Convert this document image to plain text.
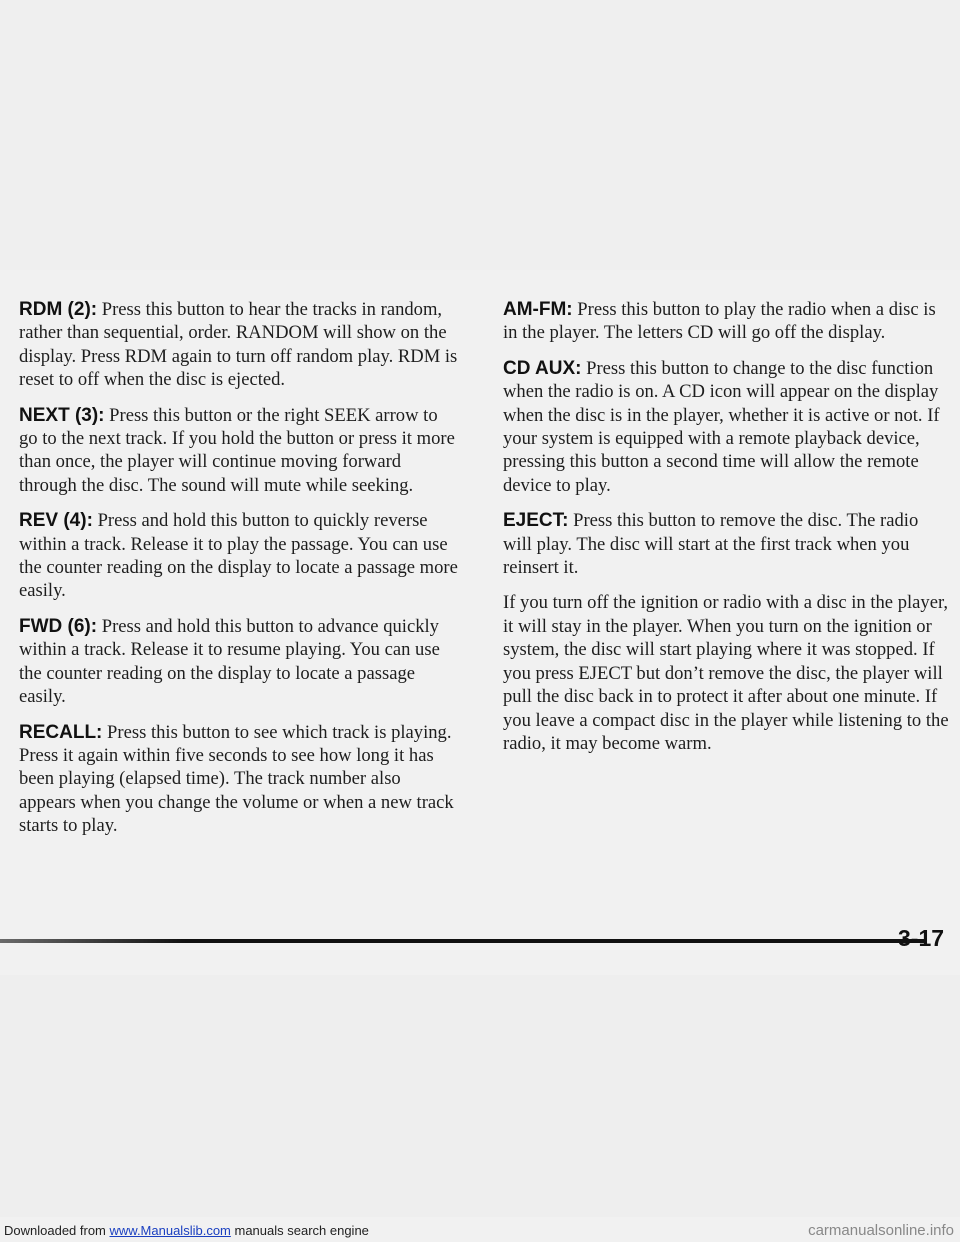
RDM (2): Press this button to hear the tracks in random, rather than sequential, order. RANDOM will show on the display. Press RDM again to turn off random play. RDM is reset to off when the disc is ejected.

NEXT (3): Press this button or the right SEEK arrow to go to the next track. If you hold the button or press it more than once, the player will continue moving forward through the disc. The sound will mute while seeking.

REV (4): Press and hold this button to quickly reverse within a track. Release it to play the passage. You can use the counter reading on the display to locate a passage more easily.

FWD (6): Press and hold this button to advance quickly within a track. Release it to resume playing. You can use the counter reading on the display to locate a passage easily.

RECALL: Press this button to see which track is playing. Press it again within five seconds to see how long it has been playing (elapsed time). The track number also appears when you change the volume or when a new track starts to play.

AM-FM: Press this button to play the radio when a disc is in the player. The letters CD will go off the display.

CD AUX: Press this button to change to the disc function when the radio is on. A CD icon will appear on the display when the disc is in the player, whether it is active or not. If your system is equipped with a remote playback device, pressing this button a second time will allow the remote device to play.

EJECT: Press this button to remove the disc. The radio will play. The disc will start at the first track when you reinsert it.

If you turn off the ignition or radio with a disc in the player, it will stay in the player. When you turn on the ignition or system, the disc will start playing where it was stopped. If you press EJECT but don’t remove the disc, the player will pull the disc back in to protect it after about one minute. If you leave a compact disc in the player while listening to the radio, it may become warm.

3-17
Downloaded from www.Manualslib.com manuals search engine	carmanualsonline.info
